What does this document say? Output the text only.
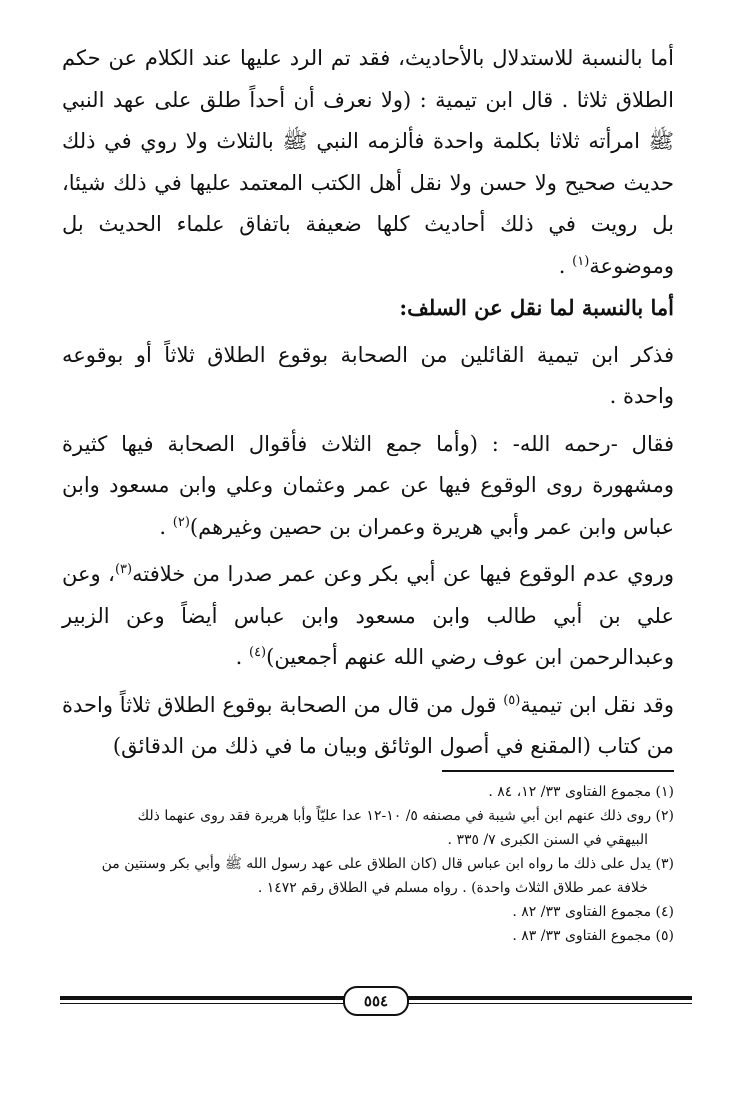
أما بالنسبة للاستدلال بالأحاديث، فقد تم الرد عليها عند الكلام عن حكم الطلاق ثلاثا . قال ابن تيمية : (ولا نعرف أن أحداً طلق على عهد النبي ﷺ امرأته ثلاثا بكلمة واحدة فألزمه النبي ﷺ بالثلاث ولا روي في ذلك حديث صحيح ولا حسن ولا نقل أهل الكتب المعتمد عليها في ذلك شيئا، بل رويت في ذلك أحاديث كلها ضعيفة باتفاق علماء الحديث بل وموضوعة$^{(١)}$ .

أما بالنسبة لما نقل عن السلف:

فذكر ابن تيمية القائلين من الصحابة بوقوع الطلاق ثلاثاً أو بوقوعه واحدة .

فقال -رحمه الله- : (وأما جمع الثلاث فأقوال الصحابة فيها كثيرة ومشهورة روى الوقوع فيها عن عمر وعثمان وعلي وابن مسعود وابن عباس وابن عمر وأبي هريرة وعمران بن حصين وغيرهم)$^{(٢)}$ .

وروي عدم الوقوع فيها عن أبي بكر وعن عمر صدرا من خلافته$^{(٣)}$، وعن علي بن أبي طالب وابن مسعود وابن عباس أيضاً وعن الزبير وعبدالرحمن ابن عوف رضي الله عنهم أجمعين)$^{(٤)}$ .

وقد نقل ابن تيمية$^{(٥)}$ قول من قال من الصحابة بوقوع الطلاق ثلاثاً واحدة من كتاب (المقنع في أصول الوثائق وبيان ما في ذلك من الدقائق)

(١) مجموع الفتاوى ٣٣/ ١٢، ٨٤ .

(٢) روى ذلك عنهم ابن أبي شيبة في مصنفه ٥/ ١٠-١٢ عدا عليّاً وأبا هريرة فقد روى عنهما ذلك
البيهقي في السنن الكبرى ٧/ ٣٣٥ .

(٣) يدل على ذلك ما رواه ابن عباس قال (كان الطلاق على عهد رسول الله ﷺ وأبي بكر وسنتين من
خلافة عمر طلاق الثلاث واحدة) . رواه مسلم في الطلاق رقم ١٤٧٢ .

(٤) مجموع الفتاوى ٣٣/ ٨٢ .

(٥) مجموع الفتاوى ٣٣/ ٨٣ .

٥٥٤
